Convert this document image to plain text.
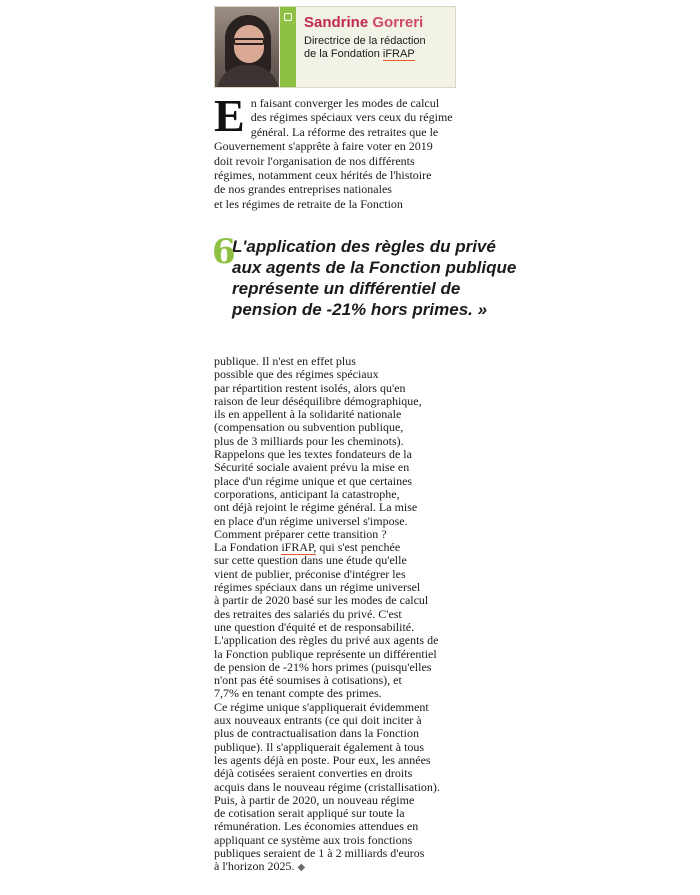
Sandrine Gorreri
Directrice de la rédaction
de la Fondation iFRAP
E n faisant converger les modes de calcul
des régimes spéciaux vers ceux du régime
général. La réforme des retraites que le
Gouvernement s'apprête à faire voter en 2019
doit revoir l'organisation de nos différents
régimes, notamment ceux hérités de l'histoire
de nos grandes entreprises nationales
et les régimes de retraite de la Fonction
6
L'application des règles du privé
aux agents de la Fonction publique
représente un différentiel de
pension de -21% hors primes. »
publique. Il n'est en effet plus
possible que des régimes spéciaux
par répartition restent isolés, alors qu'en
raison de leur déséquilibre démographique,
ils en appellent à la solidarité nationale
(compensation ou subvention publique,
plus de 3 milliards pour les cheminots).
Rappelons que les textes fondateurs de la
Sécurité sociale avaient prévu la mise en
place d'un régime unique et que certaines
corporations, anticipant la catastrophe,
ont déjà rejoint le régime général. La mise
en place d'un régime universel s'impose.
Comment préparer cette transition ?
La Fondation iFRAP, qui s'est penchée
sur cette question dans une étude qu'elle
vient de publier, préconise d'intégrer les
régimes spéciaux dans un régime universel
à partir de 2020 basé sur les modes de calcul
des retraites des salariés du privé. C'est
une question d'équité et de responsabilité.
L'application des règles du privé aux agents de
la Fonction publique représente un différentiel
de pension de -21% hors primes (puisqu'elles
n'ont pas été soumises à cotisations), et
7,7% en tenant compte des primes.
Ce régime unique s'appliquerait évidemment
aux nouveaux entrants (ce qui doit inciter à
plus de contractualisation dans la Fonction
publique). Il s'appliquerait également à tous
les agents déjà en poste. Pour eux, les années
déjà cotisées seraient converties en droits
acquis dans le nouveau régime (cristallisation).
Puis, à partir de 2020, un nouveau régime
de cotisation serait appliqué sur toute la
rémunération. Les économies attendues en
appliquant ce système aux trois fonctions
publiques seraient de 1 à 2 milliards d'euros
à l'horizon 2025. ◆
